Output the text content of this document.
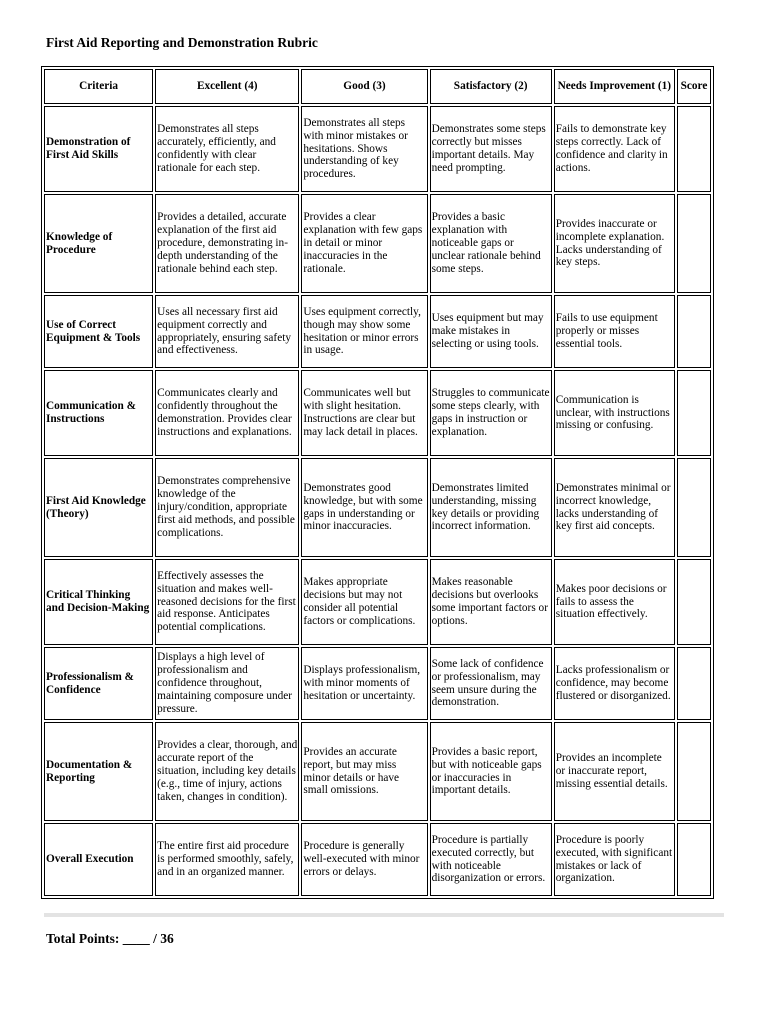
First Aid Reporting and Demonstration Rubric
Criteria	Excellent (4)	Good (3)	Satisfactory (2)	Needs Improvement (1)	Score
Demonstration of First Aid Skills	Demonstrates all steps accurately, efficiently, and confidently with clear rationale for each step.	Demonstrates all steps with minor mistakes or hesitations. Shows understanding of key procedures.	Demonstrates some steps correctly but misses important details. May need prompting.	Fails to demonstrate key steps correctly. Lack of confidence and clarity in actions.	
Knowledge of Procedure	Provides a detailed, accurate explanation of the first aid procedure, demonstrating in-depth understanding of the rationale behind each step.	Provides a clear explanation with few gaps in detail or minor inaccuracies in the rationale.	Provides a basic explanation with noticeable gaps or unclear rationale behind some steps.	Provides inaccurate or incomplete explanation. Lacks understanding of key steps.	
Use of Correct Equipment & Tools	Uses all necessary first aid equipment correctly and appropriately, ensuring safety and effectiveness.	Uses equipment correctly, though may show some hesitation or minor errors in usage.	Uses equipment but may make mistakes in selecting or using tools.	Fails to use equipment properly or misses essential tools.	
Communication & Instructions	Communicates clearly and confidently throughout the demonstration. Provides clear instructions and explanations.	Communicates well but with slight hesitation. Instructions are clear but may lack detail in places.	Struggles to communicate some steps clearly, with gaps in instruction or explanation.	Communication is unclear, with instructions missing or confusing.	
First Aid Knowledge (Theory)	Demonstrates comprehensive knowledge of the injury/condition, appropriate first aid methods, and possible complications.	Demonstrates good knowledge, but with some gaps in understanding or minor inaccuracies.	Demonstrates limited understanding, missing key details or providing incorrect information.	Demonstrates minimal or incorrect knowledge, lacks understanding of key first aid concepts.	
Critical Thinking and Decision-Making	Effectively assesses the situation and makes well-reasoned decisions for the first aid response. Anticipates potential complications.	Makes appropriate decisions but may not consider all potential factors or complications.	Makes reasonable decisions but overlooks some important factors or options.	Makes poor decisions or fails to assess the situation effectively.	
Professionalism & Confidence	Displays a high level of professionalism and confidence throughout, maintaining composure under pressure.	Displays professionalism, with minor moments of hesitation or uncertainty.	Some lack of confidence or professionalism, may seem unsure during the demonstration.	Lacks professionalism or confidence, may become flustered or disorganized.	
Documentation & Reporting	Provides a clear, thorough, and accurate report of the situation, including key details (e.g., time of injury, actions taken, changes in condition).	Provides an accurate report, but may miss minor details or have small omissions.	Provides a basic report, but with noticeable gaps or inaccuracies in important details.	Provides an incomplete or inaccurate report, missing essential details.	
Overall Execution	The entire first aid procedure is performed smoothly, safely, and in an organized manner.	Procedure is generally well-executed with minor errors or delays.	Procedure is partially executed correctly, but with noticeable disorganization or errors.	Procedure is poorly executed, with significant mistakes or lack of organization.	
Total Points: ____ / 36
